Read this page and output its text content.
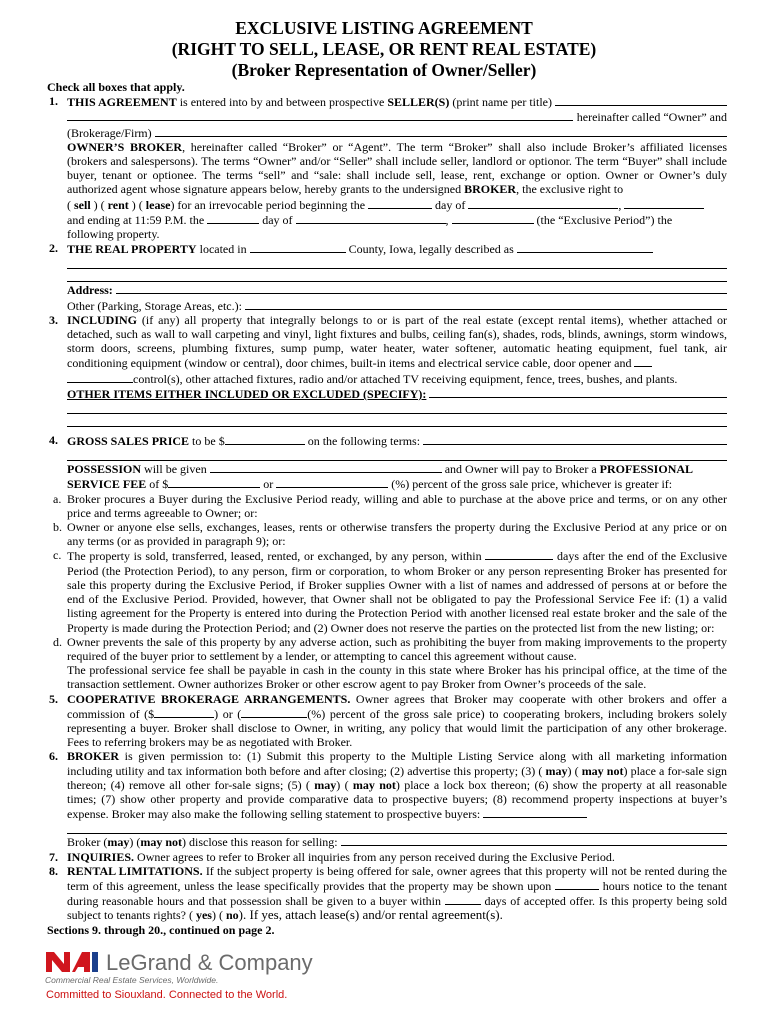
EXCLUSIVE LISTING AGREEMENT
(RIGHT TO SELL, LEASE, OR RENT REAL ESTATE)
(Broker Representation of Owner/Seller)
Check all boxes that apply.
1. THIS AGREEMENT is entered into by and between prospective SELLER(S) (print name per title)
hereinafter called “Owner” and
(Brokerage/Firm)
OWNER’S BROKER, hereinafter called “Broker” or “Agent”. The term “Broker” shall also include Broker’s affiliated licenses (brokers and salespersons). The terms “Owner” and/or “Seller” shall include seller, landlord or optionor. The term “Buyer” shall include buyer, tenant or optionee. The terms “sell” and “sale: shall include sell, lease, rent, exchange or option. Owner or Owner’s duly authorized agent whose signature appears below, hereby grants to the undersigned BROKER, the exclusive right to
( sell ) ( rent ) ( lease) for an irrevocable period beginning the	day of	,
and ending at 11:59 P.M. the	day of	,	(the “Exclusive Period”) the
following property.
2. THE REAL PROPERTY located in	County, Iowa, legally described as
Address:
Other (Parking, Storage Areas, etc.):
3. INCLUDING (if any) all property that integrally belongs to or is part of the real estate (except rental items), whether attached or detached, such as wall to wall carpeting and vinyl, light fixtures and bulbs, ceiling fan(s), shades, rods, blinds, awnings, storm windows, storm doors, screens, plumbing fixtures, sump pump, water heater, water softener, automatic heating equipment, fuel tank, air conditioning equipment (window or central), door chimes, built-in items and electrical service cable, door opener and
control(s), other attached fixtures, radio and/or attached TV receiving equipment, fence, trees, bushes, and plants.
OTHER ITEMS EITHER INCLUDED OR EXCLUDED (SPECIFY):
4. GROSS SALES PRICE to be $	on the following terms:
POSSESSION will be given	and Owner will pay to Broker a PROFESSIONAL SERVICE FEE of $	or	(%) percent of the gross sale price, whichever is greater if:
a. Broker procures a Buyer during the Exclusive Period ready, willing and able to purchase at the above price and terms, or on any other price and terms agreeable to Owner; or:
b. Owner or anyone else sells, exchanges, leases, rents or otherwise transfers the property during the Exclusive Period at any price or on any terms (or as provided in paragraph 9); or:
c. The property is sold, transferred, leased, rented, or exchanged, by any person, within	days after the end of the Exclusive Period (the Protection Period), to any person, firm or corporation, to whom Broker or any person representing Broker has presented for sale this property during the Exclusive Period, if Broker supplies Owner with a list of names and addressed of persons at or before the end of the Exclusive Period. Provided, however, that Owner shall not be obligated to pay the Professional Service Fee if: (1) a valid listing agreement for the Property is entered into during the Protection Period with another licensed real estate broker and the sale of the Property is made during the Protection Period; and (2) Owner does not reserve the parties on the protected list from the new listing; or:
d. Owner prevents the sale of this property by any adverse action, such as prohibiting the buyer from making improvements to the property required of the buyer prior to settlement by a lender, or attempting to cancel this agreement without cause.
The professional service fee shall be payable in cash in the county in this state where Broker has his principal office, at the time of the transaction settlement. Owner authorizes Broker or other escrow agent to pay Broker from Owner’s proceeds of the sale.
5. COOPERATIVE BROKERAGE ARRANGEMENTS. Owner agrees that Broker may cooperate with other brokers and offer a commission of ($	) or (	(%) percent of the gross sale price) to cooperating brokers, including brokers solely representing a buyer. Broker shall disclose to Owner, in writing, any policy that would limit the participation of any other brokerage. Fees to referring brokers may be as negotiated with Broker.
6. BROKER is given permission to: (1) Submit this property to the Multiple Listing Service along with all marketing information including utility and tax information both before and after closing; (2) advertise this property; (3) ( may) ( may not) place a for-sale sign thereon; (4) remove all other for-sale signs; (5) ( may) ( may not) place a lock box thereon; (6) show the property at all reasonable times; (7) show other property and provide comparative data to prospective buyers; (8) recommend property inspections at buyer’s expense. Broker may also make the following selling statement to prospective buyers:
Broker ( may ) ( may not ) disclose this reason for selling:
7. INQUIRIES. Owner agrees to refer to Broker all inquiries from any person received during the Exclusive Period.
8. RENTAL LIMITATIONS. If the subject property is being offered for sale, owner agrees that this property will not be rented during the term of this agreement, unless the lease specifically provides that the property may be shown upon	hours notice to the tenant during reasonable hours and that possession shall be given to a buyer within	days of accepted offer. Is this property being sold subject to tenants rights? ( yes) ( no). If yes, attach lease(s) and/or rental agreement(s).
Sections 9. through 20., continued on page 2.
LeGrand & Company
Commercial Real Estate Services, Worldwide.
Committed to Siouxland. Connected to the World.
